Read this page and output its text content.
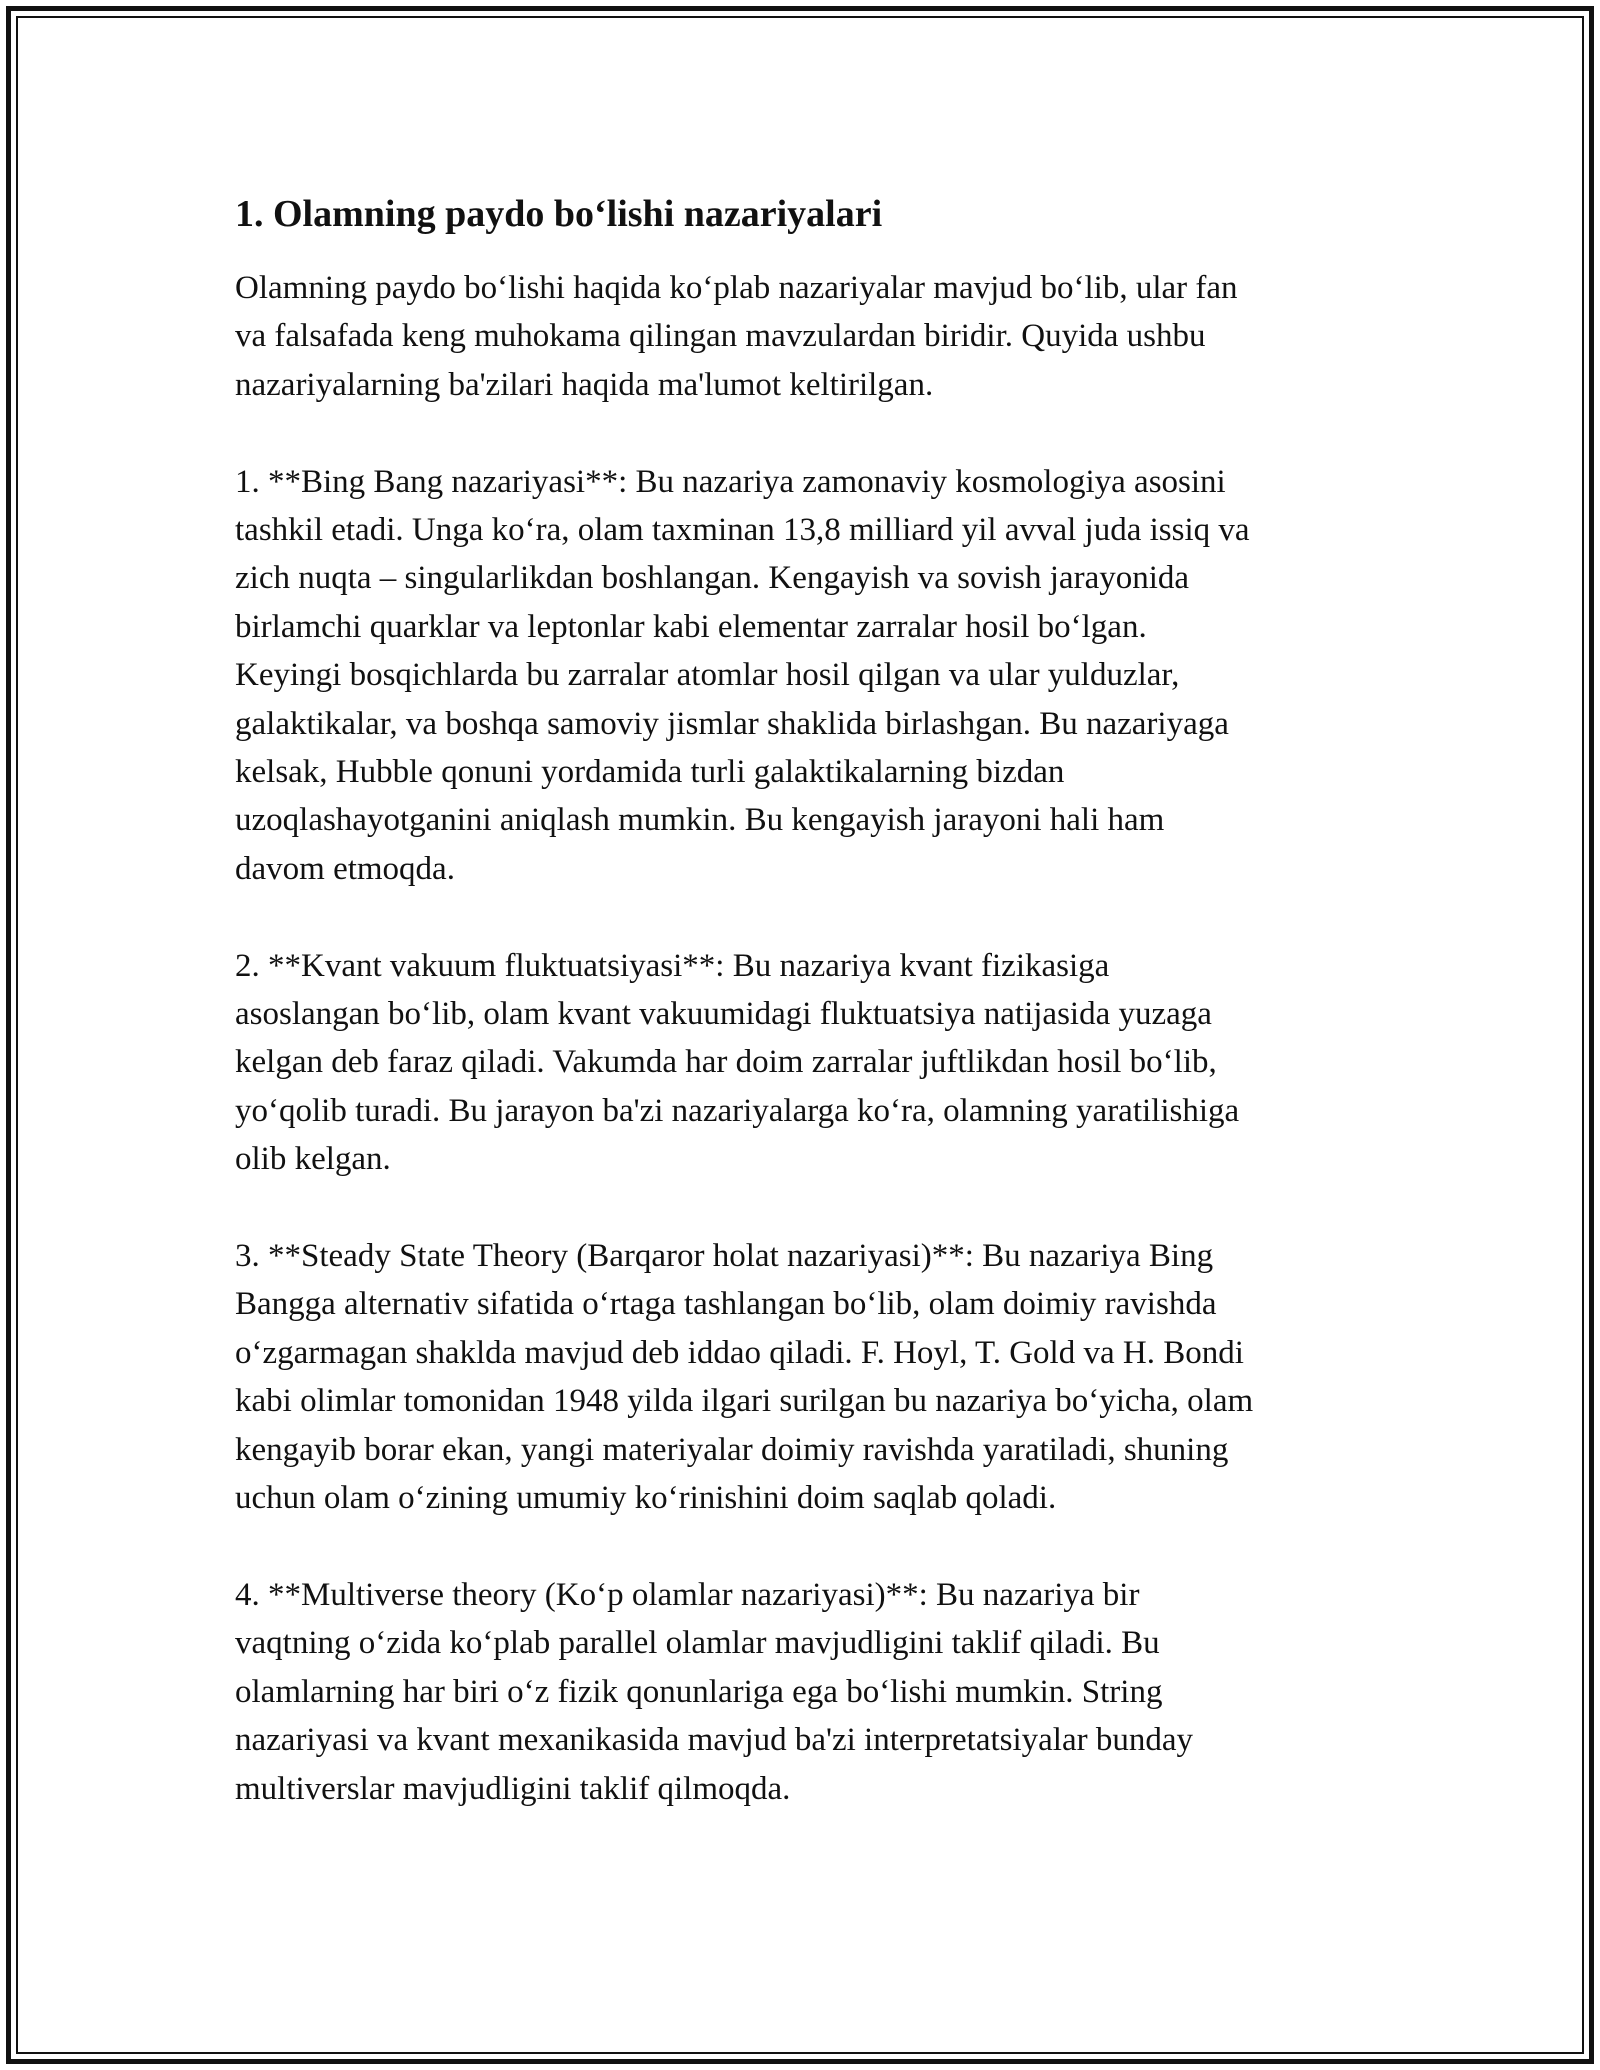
1. Olamning paydo bo‘lishi nazariyalari

Olamning paydo bo‘lishi haqida ko‘plab nazariyalar mavjud bo‘lib, ular fan
va falsafada keng muhokama qilingan mavzulardan biridir. Quyida ushbu
nazariyalarning ba'zilari haqida ma'lumot keltirilgan.

1. **Bing Bang nazariyasi**: Bu nazariya zamonaviy kosmologiya asosini
tashkil etadi. Unga ko‘ra, olam taxminan 13,8 milliard yil avval juda issiq va
zich nuqta – singularlikdan boshlangan. Kengayish va sovish jarayonida
birlamchi quarklar va leptonlar kabi elementar zarralar hosil bo‘lgan.
Keyingi bosqichlarda bu zarralar atomlar hosil qilgan va ular yulduzlar,
galaktikalar, va boshqa samoviy jismlar shaklida birlashgan. Bu nazariyaga
kelsak, Hubble qonuni yordamida turli galaktikalarning bizdan
uzoqlashayotganini aniqlash mumkin. Bu kengayish jarayoni hali ham
davom etmoqda.

2. **Kvant vakuum fluktuatsiyasi**: Bu nazariya kvant fizikasiga
asoslangan bo‘lib, olam kvant vakuumidagi fluktuatsiya natijasida yuzaga
kelgan deb faraz qiladi. Vakumda har doim zarralar juftlikdan hosil bo‘lib,
yo‘qolib turadi. Bu jarayon ba'zi nazariyalarga ko‘ra, olamning yaratilishiga
olib kelgan.

3. **Steady State Theory (Barqaror holat nazariyasi)**: Bu nazariya Bing
Bangga alternativ sifatida o‘rtaga tashlangan bo‘lib, olam doimiy ravishda
o‘zgarmagan shaklda mavjud deb iddao qiladi. F. Hoyl, T. Gold va H. Bondi
kabi olimlar tomonidan 1948 yilda ilgari surilgan bu nazariya bo‘yicha, olam
kengayib borar ekan, yangi materiyalar doimiy ravishda yaratiladi, shuning
uchun olam o‘zining umumiy ko‘rinishini doim saqlab qoladi.

4. **Multiverse theory (Ko‘p olamlar nazariyasi)**: Bu nazariya bir
vaqtning o‘zida ko‘plab parallel olamlar mavjudligini taklif qiladi. Bu
olamlarning har biri o‘z fizik qonunlariga ega bo‘lishi mumkin. String
nazariyasi va kvant mexanikasida mavjud ba'zi interpretatsiyalar bunday
multiverslar mavjudligini taklif qilmoqda.
